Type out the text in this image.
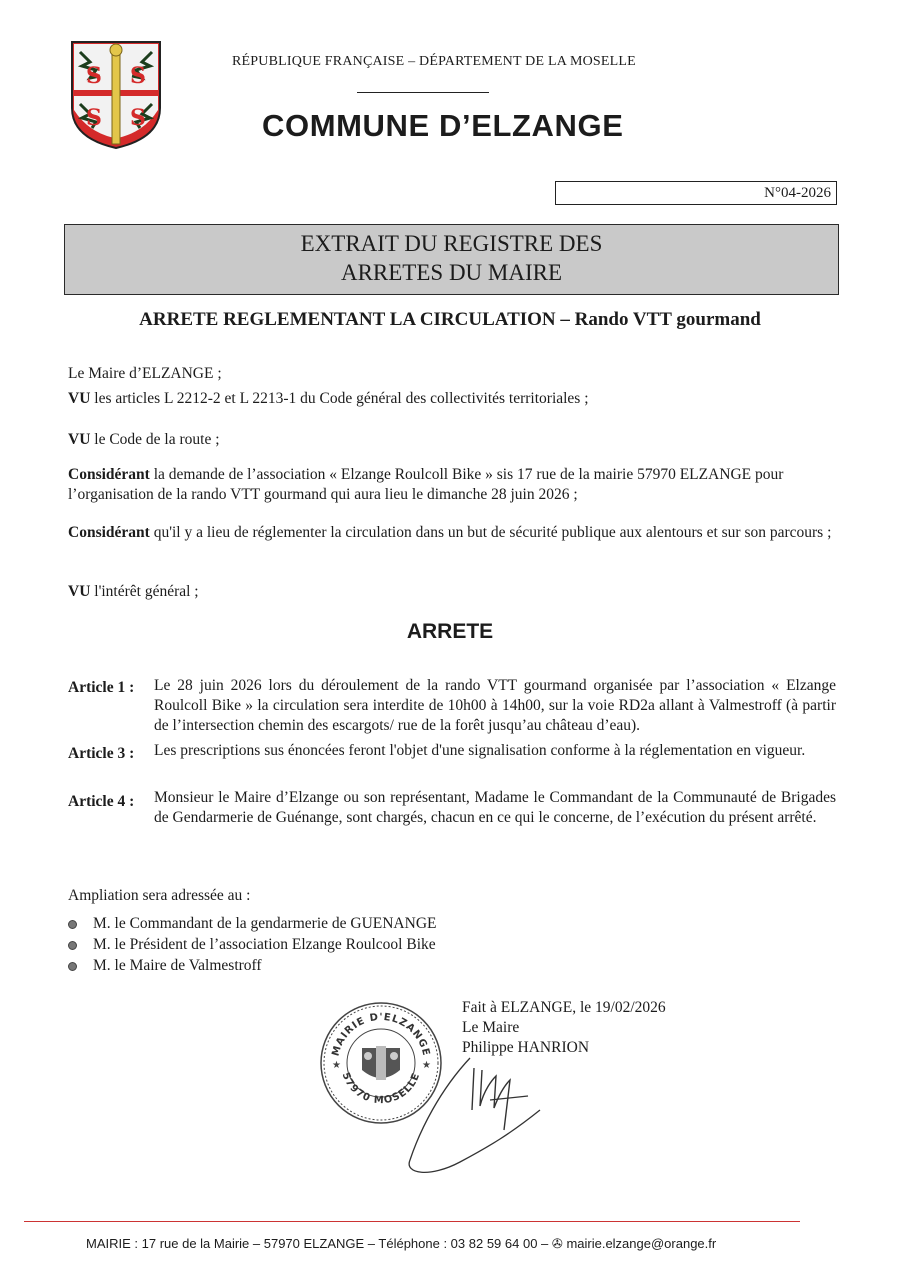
S S
S S
RÉPUBLIQUE FRANÇAISE – DÉPARTEMENT DE LA MOSELLE
COMMUNE D’ELZANGE
N°04-2026
EXTRAIT DU REGISTRE DES
ARRETES DU MAIRE
ARRETE REGLEMENTANT LA CIRCULATION – Rando VTT gourmand
Le Maire d’ELZANGE ;
VU les articles L 2212-2 et L 2213-1 du Code général des collectivités territoriales ;
VU le Code de la route ;
Considérant la demande de l’association « Elzange Roulcoll Bike » sis 17 rue de la mairie 57970 ELZANGE pour l’organisation de la rando VTT gourmand qui aura lieu le dimanche 28 juin 2026 ;
Considérant qu'il y a lieu de réglementer la circulation dans un but de sécurité publique aux alentours et sur son parcours ;
VU l'intérêt général ;
ARRETE
Article 1 : Le 28 juin 2026 lors du déroulement de la rando VTT gourmand organisée par l’association « Elzange Roulcoll Bike » la circulation sera interdite de 10h00 à 14h00, sur la voie RD2a allant à Valmestroff (à partir de l’intersection chemin des escargots/ rue de la forêt jusqu’au château d’eau).
Article 3 : Les prescriptions sus énoncées feront l'objet d'une signalisation conforme à la réglementation en vigueur.
Article 4 : Monsieur le Maire d’Elzange ou son représentant, Madame le Commandant de la Communauté de Brigades de Gendarmerie de Guénange, sont chargés, chacun en ce qui le concerne, de l’exécution du présent arrêté.
Ampliation sera adressée au :
M. le Commandant de la gendarmerie de GUENANGE
M. le Président de l’association Elzange Roulcool Bike
M. le Maire de Valmestroff
MAIRIE D'ELZANGE
57970 MOSELLE
★	★
Fait à ELZANGE, le 19/02/2026
Le Maire
Philippe HANRION
MAIRIE : 17 rue de la Mairie – 57970 ELZANGE – Téléphone : 03 82 59 64 00 – ✇ mairie.elzange@orange.fr
